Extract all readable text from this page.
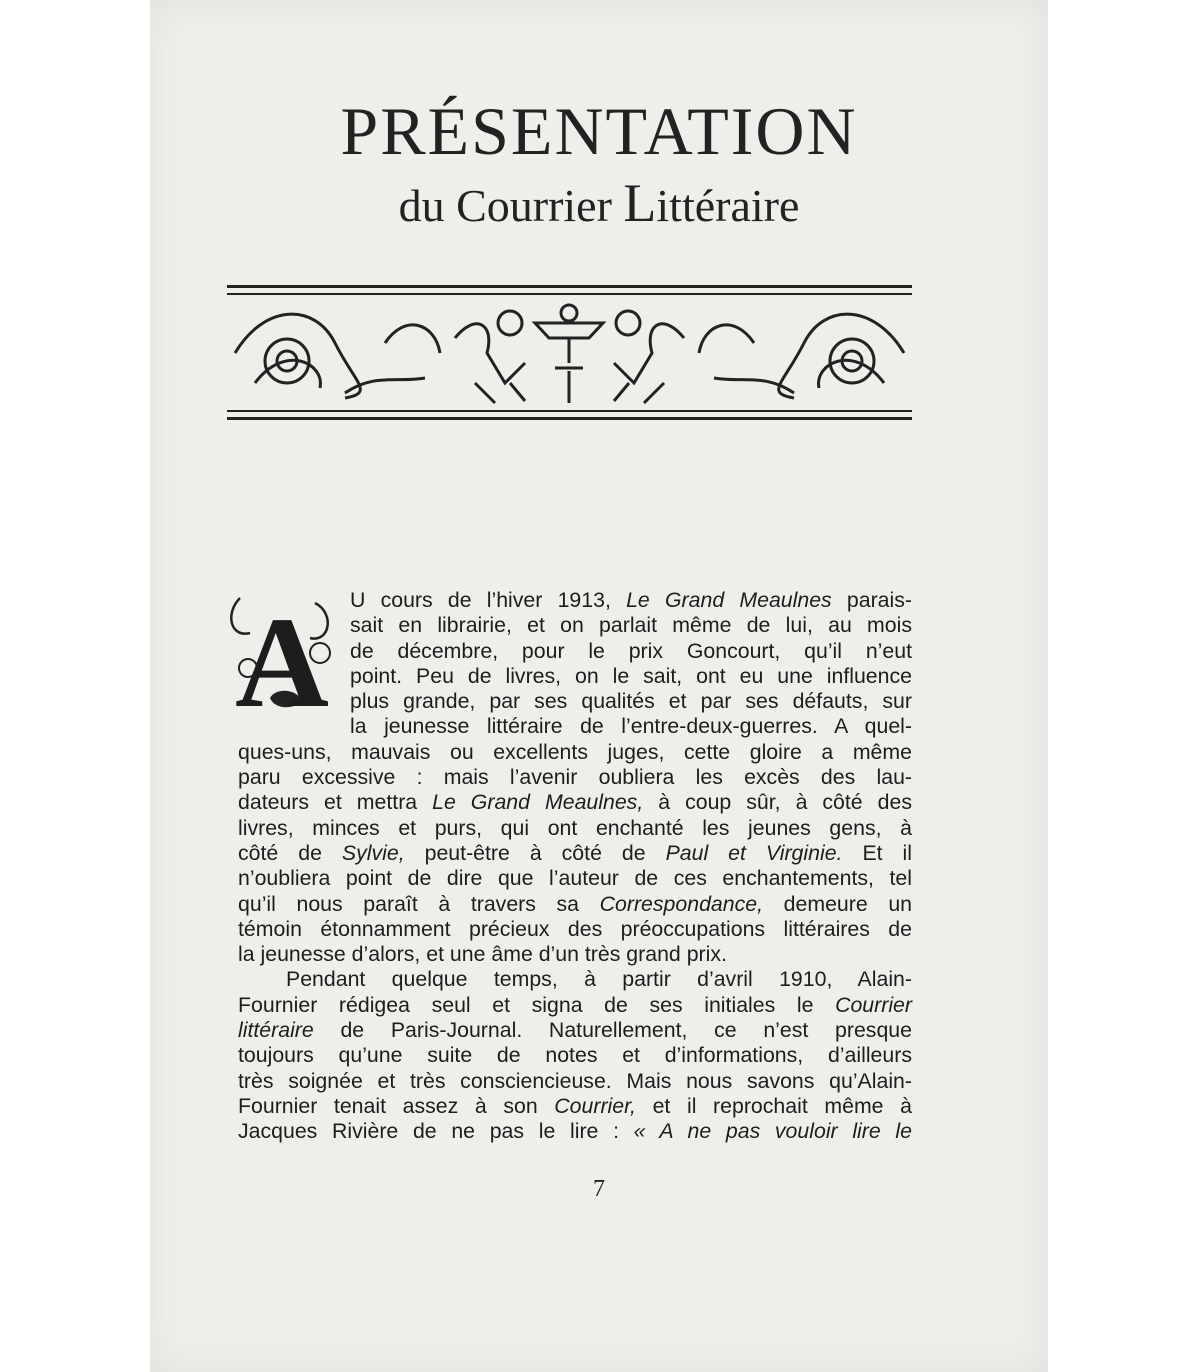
PRÉSENTATION
du Courrier Littéraire
A U cours de l’hiver 1913, Le Grand Meaulnes parais-
sait en librairie, et on parlait même de lui, au mois
de décembre, pour le prix Goncourt, qu’il n’eut
point. Peu de livres, on le sait, ont eu une influence
plus grande, par ses qualités et par ses défauts, sur
la jeunesse littéraire de l’entre-deux-guerres. A quel-
ques-uns, mauvais ou excellents juges, cette gloire a même
paru excessive : mais l’avenir oubliera les excès des lau-
dateurs et mettra Le Grand Meaulnes, à coup sûr, à côté des
livres, minces et purs, qui ont enchanté les jeunes gens, à
côté de Sylvie, peut-être à côté de Paul et Virginie. Et il
n’oubliera point de dire que l’auteur de ces enchantements, tel
qu’il nous paraît à travers sa Correspondance, demeure un
témoin étonnamment précieux des préoccupations littéraires de
la jeunesse d’alors, et une âme d’un très grand prix.
Pendant quelque temps, à partir d’avril 1910, Alain-
Fournier rédigea seul et signa de ses initiales le Courrier
littéraire de Paris-Journal. Naturellement, ce n’est presque
toujours qu’une suite de notes et d’informations, d’ailleurs
très soignée et très consciencieuse. Mais nous savons qu’Alain-
Fournier tenait assez à son Courrier, et il reprochait même à
Jacques Rivière de ne pas le lire : « A ne pas vouloir lire le
7
